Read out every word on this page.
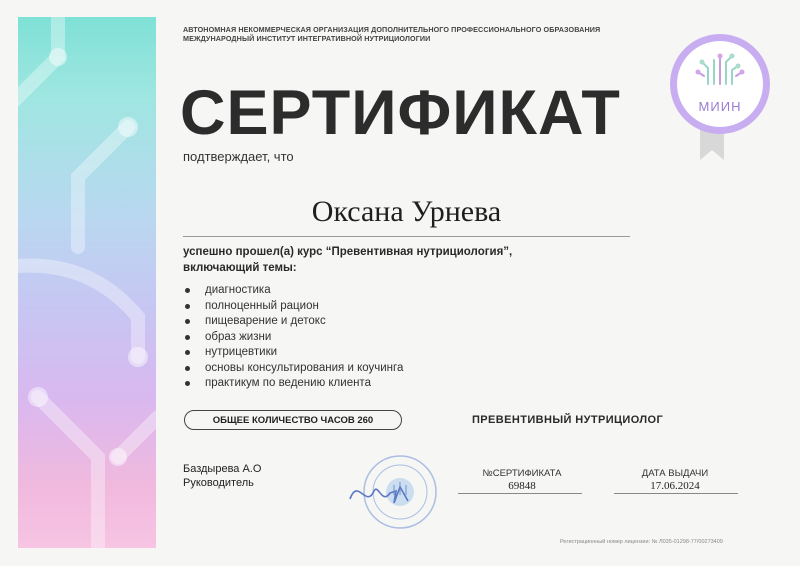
АВТОНОМНАЯ НЕКОММЕРЧЕСКАЯ ОРГАНИЗАЦИЯ ДОПОЛНИТЕЛЬНОГО ПРОФЕССИОНАЛЬНОГО ОБРАЗОВАНИЯ
МЕЖДУНАРОДНЫЙ ИНСТИТУТ ИНТЕГРАТИВНОЙ НУТРИЦИОЛОГИИ
МИИН
СЕРТИФИКАТ
подтверждает, что
Оксана Урнева
успешно прошел(а) курс “Превентивная нутрициология”,
включающий темы:
диагностика
полноценный рацион
пищеварение и детокс
образ жизни
нутрицевтики
основы консультирования и коучинга
практикум по ведению клиента
ОБЩЕЕ КОЛИЧЕСТВО ЧАСОВ 260	ПРЕВЕНТИВНЫЙ НУТРИЦИОЛОГ
Баздырева А.О
Руководитель
№СЕРТИФИКАТА
69848
ДАТА ВЫДАЧИ
17.06.2024
Регистрационный номер лицензии: № Л035-01298-77/00273409
